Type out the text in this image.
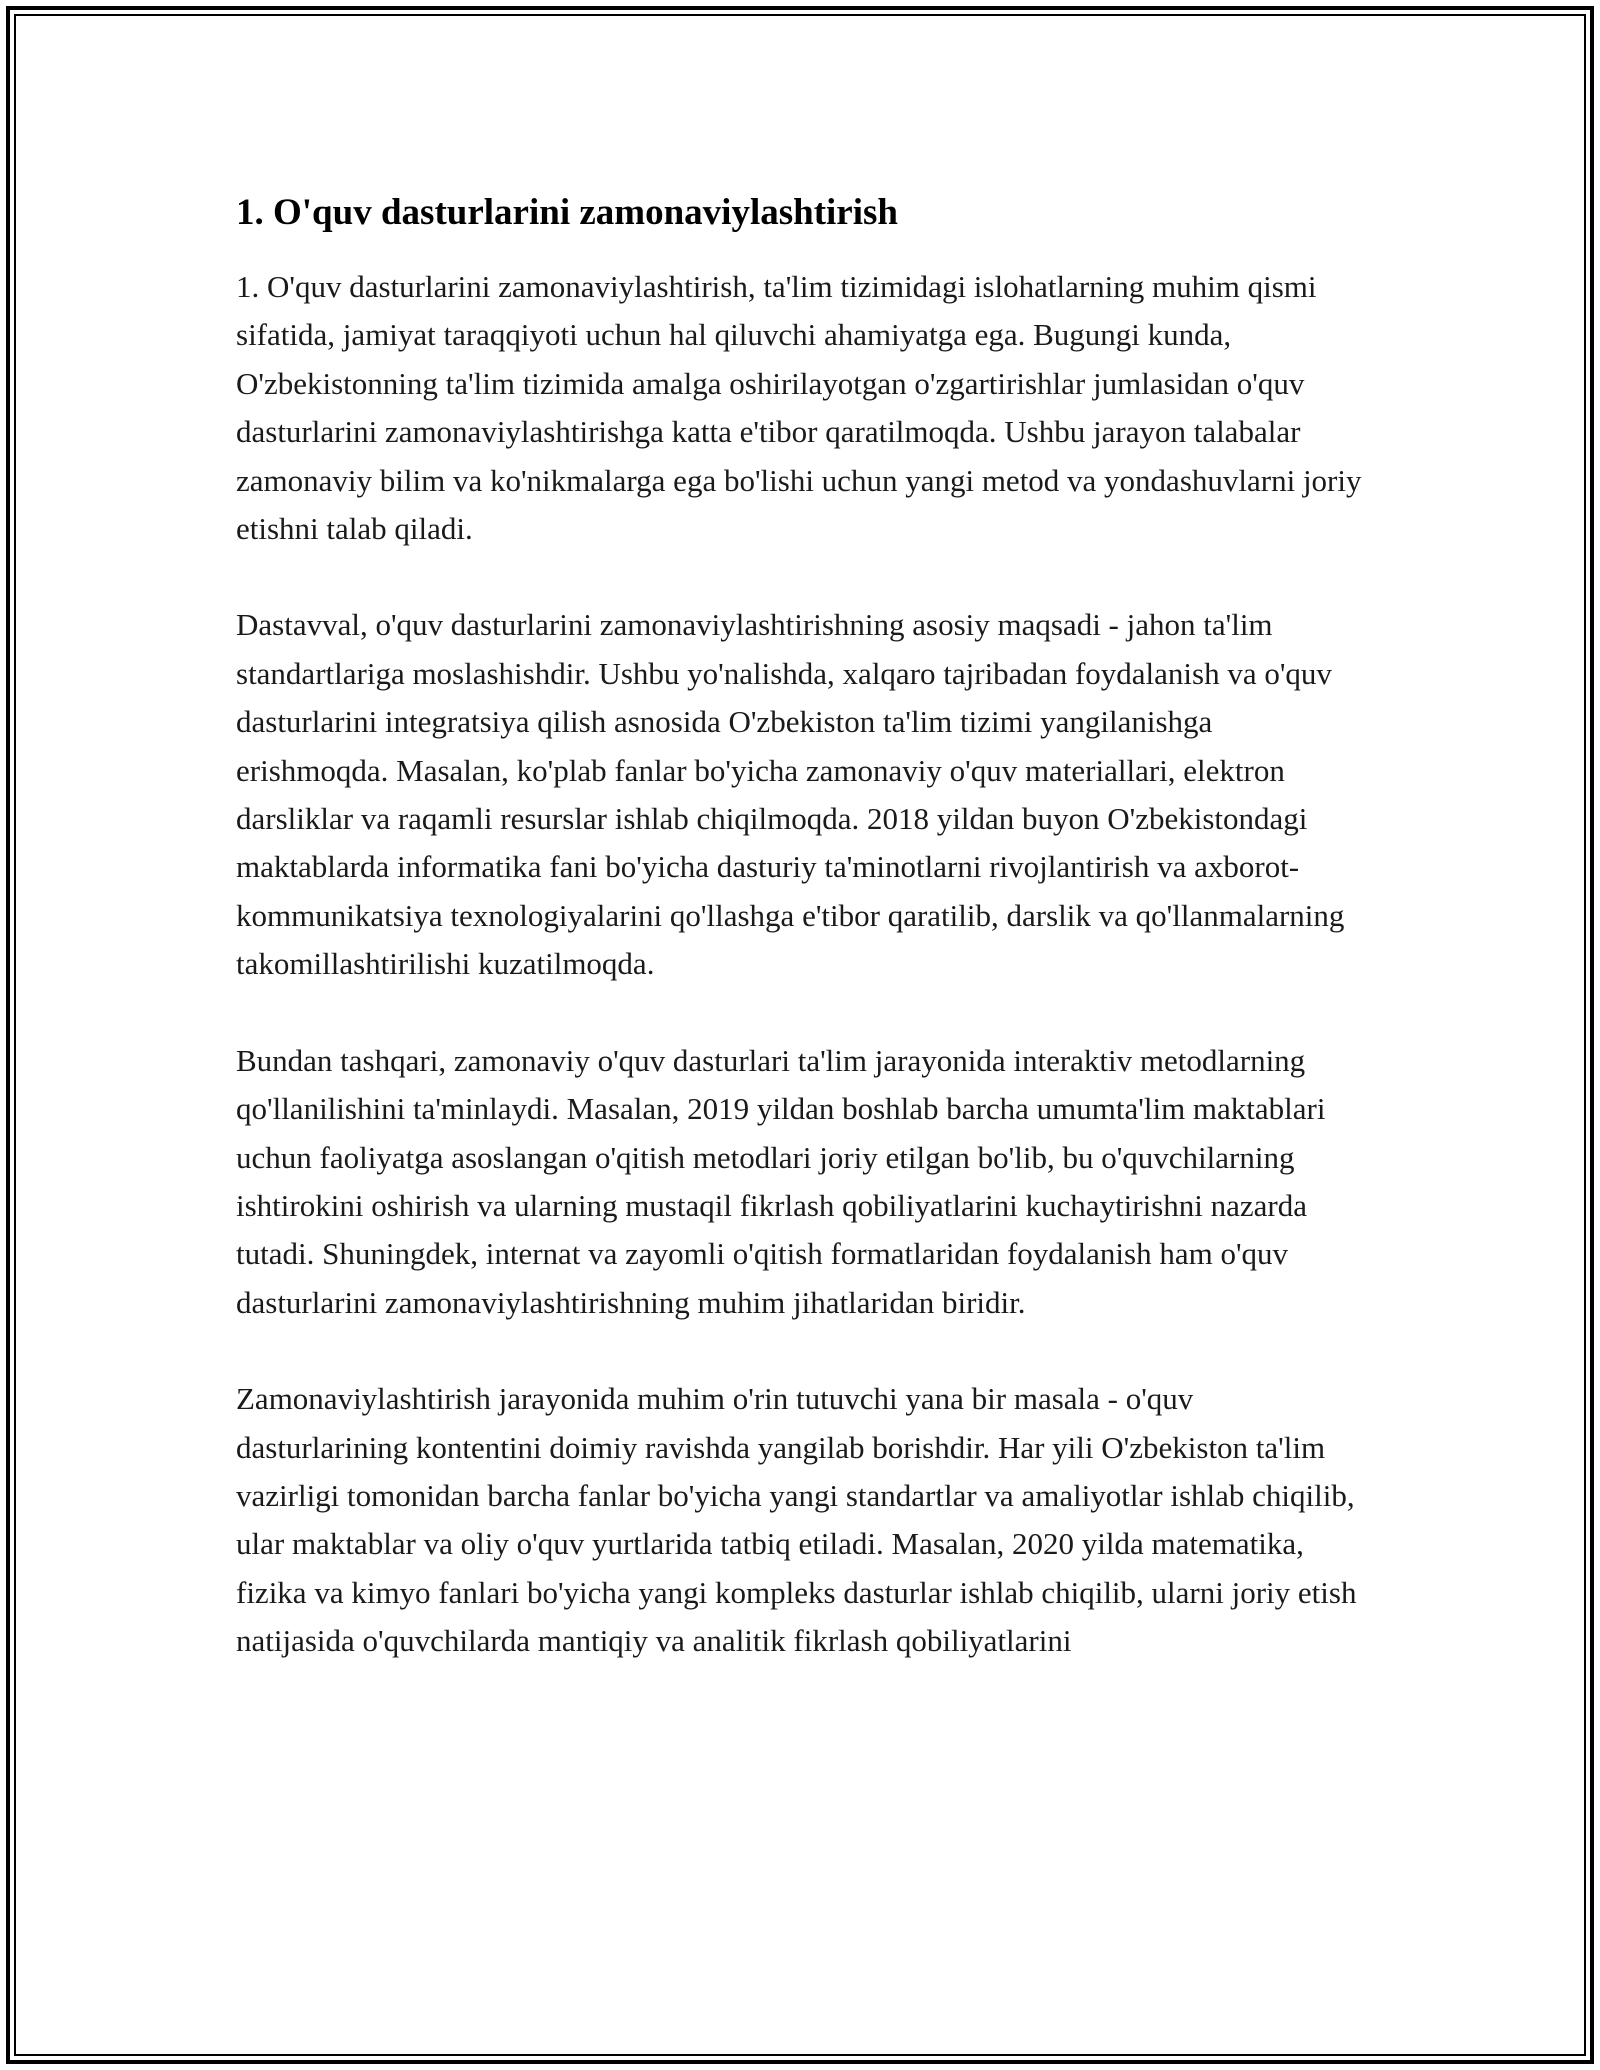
1. O'quv dasturlarini zamonaviylashtirish

1. O'quv dasturlarini zamonaviylashtirish, ta'lim tizimidagi islohatlarning muhim qismi sifatida, jamiyat taraqqiyoti uchun hal qiluvchi ahamiyatga ega. Bugungi kunda, O'zbekistonning ta'lim tizimida amalga oshirilayotgan o'zgartirishlar jumlasidan o'quv dasturlarini zamonaviylashtirishga katta e'tibor qaratilmoqda. Ushbu jarayon talabalar zamonaviy bilim va ko'nikmalarga ega bo'lishi uchun yangi metod va yondashuvlarni joriy etishni talab qiladi.

Dastavval, o'quv dasturlarini zamonaviylashtirishning asosiy maqsadi - jahon ta'lim standartlariga moslashishdir. Ushbu yo'nalishda, xalqaro tajribadan foydalanish va o'quv dasturlarini integratsiya qilish asnosida O'zbekiston ta'lim tizimi yangilanishga erishmoqda. Masalan, ko'plab fanlar bo'yicha zamonaviy o'quv materiallari, elektron darsliklar va raqamli resurslar ishlab chiqilmoqda. 2018 yildan buyon O'zbekistondagi maktablarda informatika fani bo'yicha dasturiy ta'minotlarni rivojlantirish va axborot-kommunikatsiya texnologiyalarini qo'llashga e'tibor qaratilib, darslik va qo'llanmalarning takomillashtirilishi kuzatilmoqda.

Bundan tashqari, zamonaviy o'quv dasturlari ta'lim jarayonida interaktiv metodlarning qo'llanilishini ta'minlaydi. Masalan, 2019 yildan boshlab barcha umumta'lim maktablari uchun faoliyatga asoslangan o'qitish metodlari joriy etilgan bo'lib, bu o'quvchilarning ishtirokini oshirish va ularning mustaqil fikrlash qobiliyatlarini kuchaytirishni nazarda tutadi. Shuningdek, internat va zayomli o'qitish formatlaridan foydalanish ham o'quv dasturlarini zamonaviylashtirishning muhim jihatlaridan biridir.

Zamonaviylashtirish jarayonida muhim o'rin tutuvchi yana bir masala - o'quv dasturlarining kontentini doimiy ravishda yangilab borishdir. Har yili O'zbekiston ta'lim vazirligi tomonidan barcha fanlar bo'yicha yangi standartlar va amaliyotlar ishlab chiqilib, ular maktablar va oliy o'quv yurtlarida tatbiq etiladi. Masalan, 2020 yilda matematika, fizika va kimyo fanlari bo'yicha yangi kompleks dasturlar ishlab chiqilib, ularni joriy etish natijasida o'quvchilarda mantiqiy va analitik fikrlash qobiliyatlarini
